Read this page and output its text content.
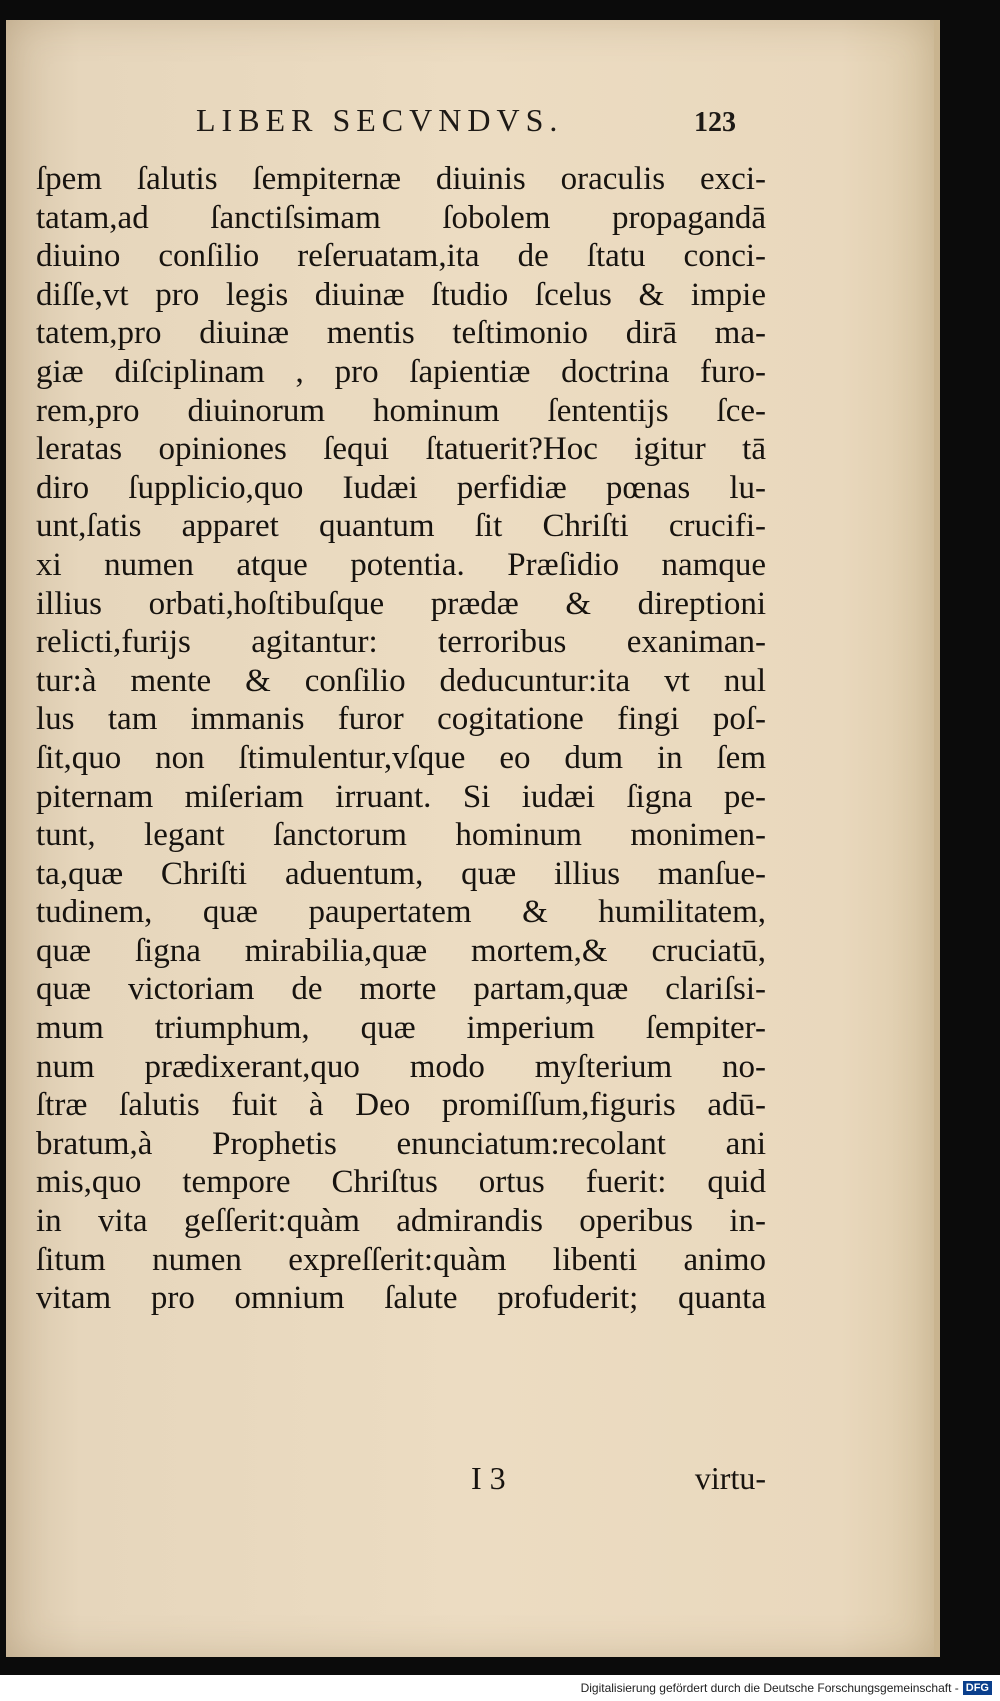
LIBER SECVNDVS.	123
ſpem ſalutis ſempiternæ diuinis oraculis exci-
tatam,ad ſanctiſsimam ſobolem propagandā
diuino conſilio reſeruatam,ita de ſtatu conci-
diſſe,vt pro legis diuinæ ſtudio ſcelus & impie
tatem,pro diuinæ mentis teſtimonio dirā ma-
giæ diſciplinam , pro ſapientiæ doctrina furo-
rem,pro diuinorum hominum ſententijs ſce-
leratas opiniones ſequi ſtatuerit?Hoc igitur tā
diro ſupplicio,quo Iudæi perfidiæ pœnas lu-
unt,ſatis apparet quantum ſit Chriſti crucifi-
xi numen atque potentia. Præſidio namque
illius orbati,hoſtibuſque prædæ & direptioni
relicti,furijs agitantur: terroribus exaniman-
tur:à mente & conſilio deducuntur:ita vt nul
lus tam immanis furor cogitatione fingi poſ-
ſit,quo non ſtimulentur,vſque eo dum in ſem
piternam miſeriam irruant. Si iudæi ſigna pe-
tunt, legant ſanctorum hominum monimen-
ta,quæ Chriſti aduentum, quæ illius manſue-
tudinem, quæ paupertatem & humilitatem,
quæ ſigna mirabilia,quæ mortem,& cruciatū,
quæ victoriam de morte partam,quæ clariſsi-
mum triumphum, quæ imperium ſempiter-
num prædixerant,quo modo myſterium no-
ſtræ ſalutis fuit à Deo promiſſum,figuris adū-
bratum,à Prophetis enunciatum:recolant ani
mis,quo tempore Chriſtus ortus fuerit: quid
in vita geſſerit:quàm admirandis operibus in-
ſitum numen expreſſerit:quàm libenti animo
vitam pro omnium ſalute profuderit; quanta
I 3	virtu-
Digitalisierung gefördert durch die Deutsche Forschungsgemeinschaft - DFG
